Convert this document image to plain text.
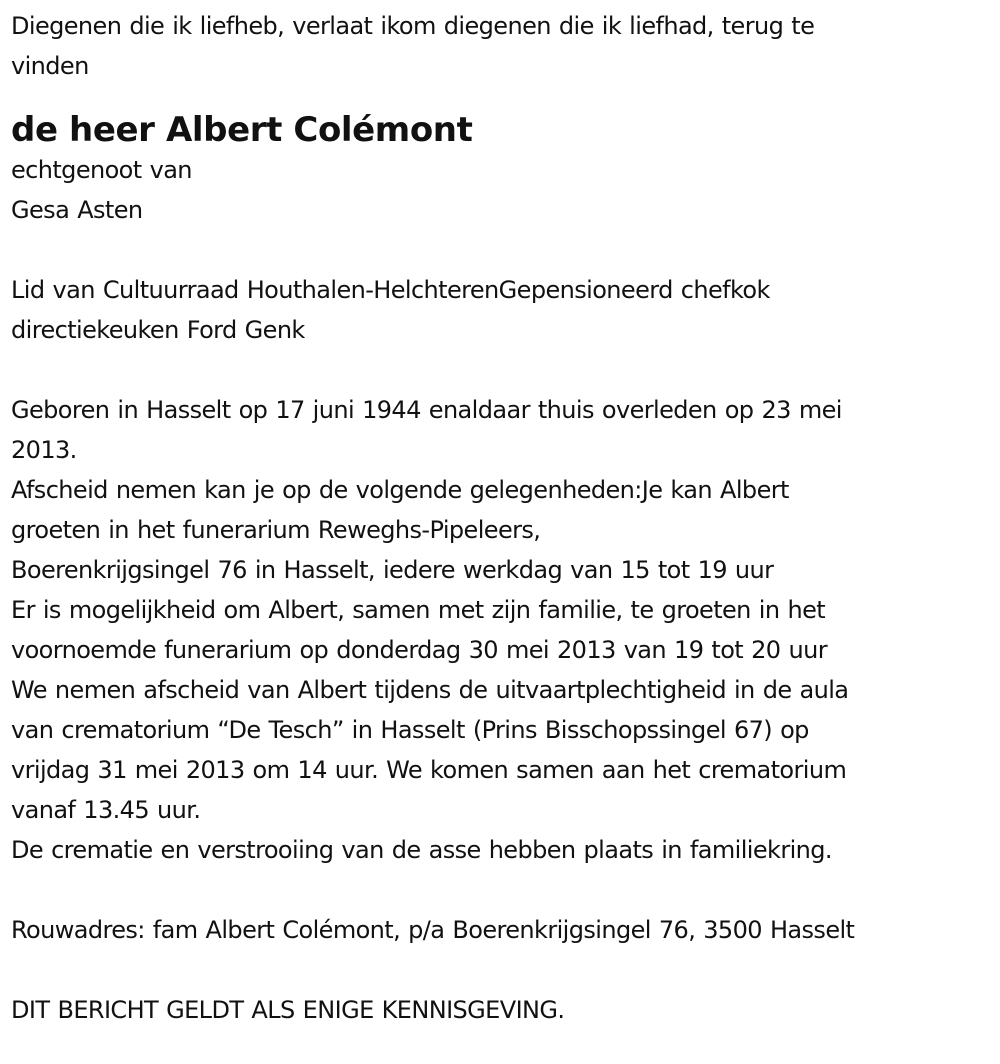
Diegenen die ik liefheb, verlaat ikom diegenen die ik liefhad, terug te
vinden
de heer Albert Colémont
echtgenoot van
Gesa Asten
Lid van Cultuurraad Houthalen-HelchterenGepensioneerd chefkok
directiekeuken Ford Genk
Geboren in Hasselt op 17 juni 1944 enaldaar thuis overleden op 23 mei
2013.
Afscheid nemen kan je op de volgende gelegenheden:Je kan Albert
groeten in het funerarium Reweghs-Pipeleers,
Boerenkrijgsingel 76 in Hasselt, iedere werkdag van 15 tot 19 uur
Er is mogelijkheid om Albert, samen met zijn familie, te groeten in het
voornoemde funerarium op donderdag 30 mei 2013 van 19 tot 20 uur
We nemen afscheid van Albert tijdens de uitvaartplechtigheid in de aula
van crematorium “De Tesch” in Hasselt (Prins Bisschopssingel 67) op
vrijdag 31 mei 2013 om 14 uur. We komen samen aan het crematorium
vanaf 13.45 uur.
De crematie en verstrooiing van de asse hebben plaats in familiekring.
Rouwadres: fam Albert Colémont, p/a Boerenkrijgsingel 76, 3500 Hasselt
DIT BERICHT GELDT ALS ENIGE KENNISGEVING.
